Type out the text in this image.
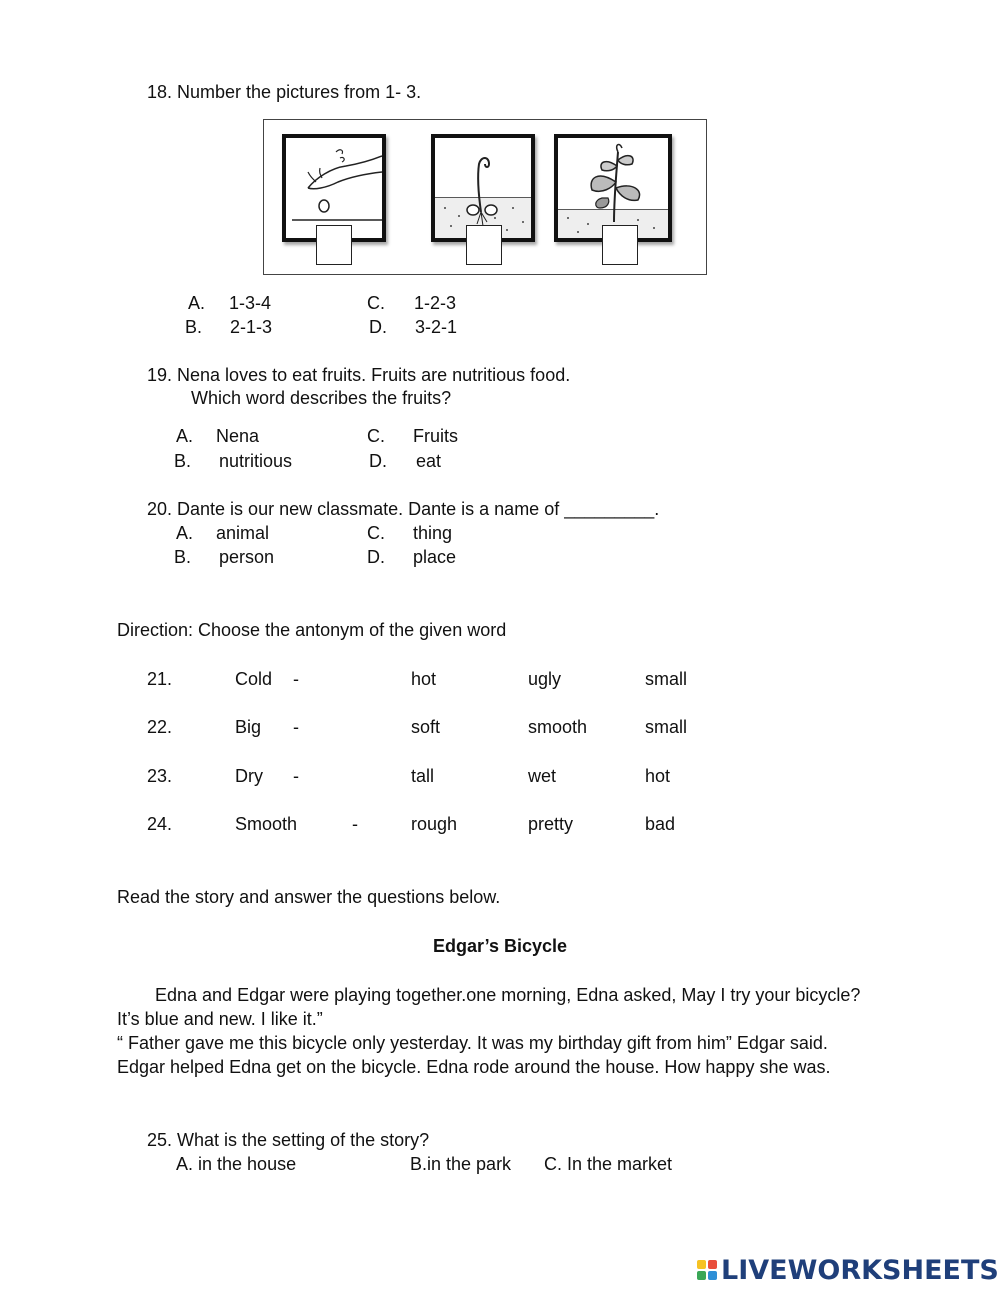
18. Number the pictures from 1- 3.
A. 1-3-4	C. 1-2-3
B. 2-1-3	D. 3-2-1
19. Nena loves to eat fruits. Fruits are nutritious food.
Which word describes the fruits?
A. Nena	C. Fruits
B. nutritious	D. eat
20. Dante is our new classmate. Dante is a name of _________.
A. animal	C. thing
B. person	D. place
Direction: Choose the antonym of the given word
21.	Cold -	hot	ugly	small
22.	Big -	soft	smooth	small
23.	Dry -	tall	wet	hot
24.	Smooth	-	rough	pretty	bad
Read the story and answer the questions below.
Edgar’s Bicycle
Edna and Edgar were playing together.one morning, Edna asked, May I try your bicycle? It’s blue and new. I like it.”
“ Father gave me this bicycle only yesterday. It was my birthday gift from him” Edgar said. Edgar helped Edna get on the bicycle. Edna rode around the house. How happy she was.
25. What is the setting of the story?
A. in the house	B.in the park C. In the market
LIVEWORKSHEETS
